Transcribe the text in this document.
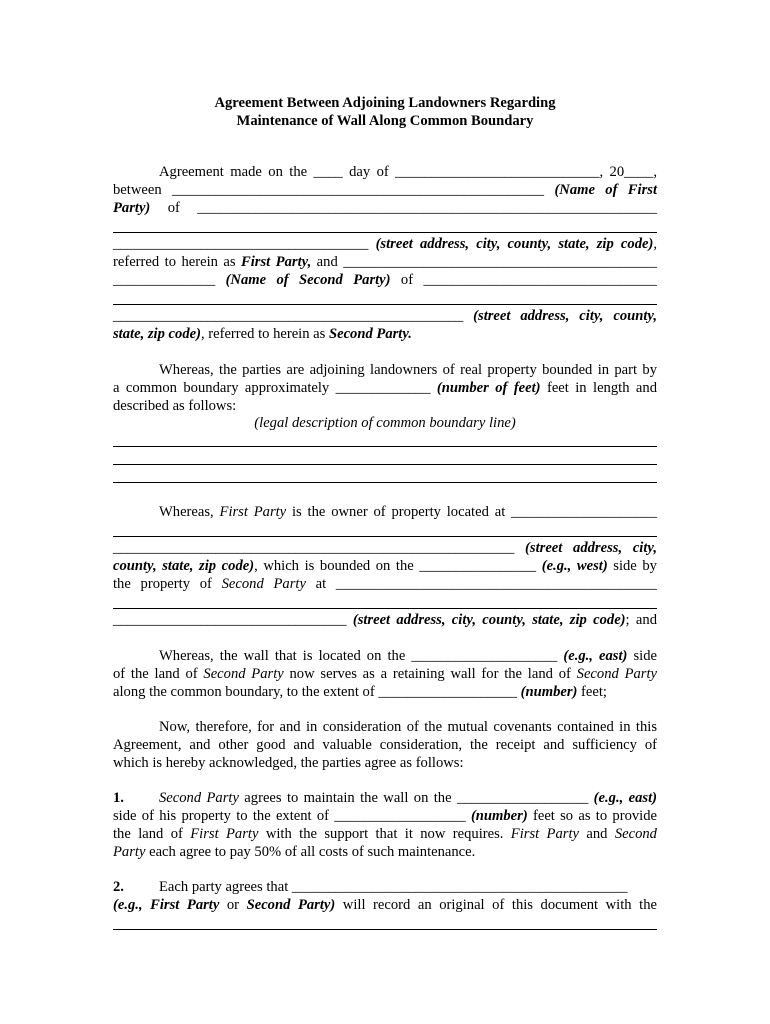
Agreement Between Adjoining Landowners Regarding
Maintenance of Wall Along Common Boundary
Agreement made on the ____ day of ____________________________, 20____,
between ___________________________________________________ (Name of First
Party) of _______________________________________________________________
___________________________________ (street address, city, county, state, zip code),
referred to herein as First Party, and ___________________________________________
______________ (Name of Second Party) of ________________________________
________________________________________________ (street address, city, county,
state, zip code), referred to herein as Second Party.
Whereas, the parties are adjoining landowners of real property bounded in part by
a common boundary approximately _____________ (number of feet) feet in length and
described as follows:
(legal description of common boundary line)
Whereas, First Party is the owner of property located at ____________________
_______________________________________________________ (street address, city,
county, state, zip code), which is bounded on the ________________ (e.g., west) side by
the property of Second Party at ____________________________________________
________________________________ (street address, city, county, state, zip code); and
Whereas, the wall that is located on the ____________________ (e.g., east) side
of the land of Second Party now serves as a retaining wall for the land of Second Party
along the common boundary, to the extent of ___________________ (number) feet;
Now, therefore, for and in consideration of the mutual covenants contained in this
Agreement, and other good and valuable consideration, the receipt and sufficiency of
which is hereby acknowledged, the parties agree as follows:
1. Second Party agrees to maintain the wall on the __________________ (e.g., east)
side of his property to the extent of __________________ (number) feet so as to provide
the land of First Party with the support that it now requires. First Party and Second
Party each agree to pay 50% of all costs of such maintenance.
2. Each party agrees that ______________________________________________
(e.g., First Party or Second Party) will record an original of this document with the
